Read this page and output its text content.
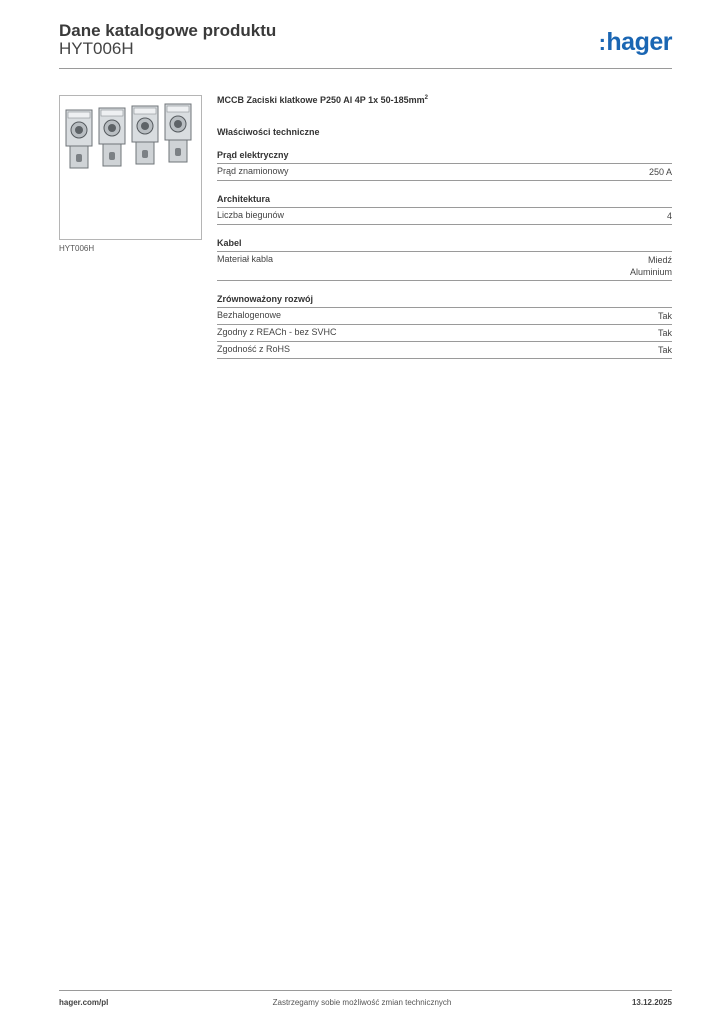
Dane katalogowe produktu
HYT006H	:hager
HYT006H
MCCB Zaciski klatkowe P250 Al 4P 1x $50-185mm^2$
Właściwości techniczne
Prąd elektryczny
Prąd znamionowy	250 A
Architektura
Liczba biegunów	4
Kabel
Materiał kabla	Miedź
Aluminium
Zrównoważony rozwój
Bezhalogenowe	Tak
Zgodny z REACh - bez SVHC	Tak
Zgodność z RoHS	Tak
hager.com/pl	Zastrzegamy sobie możliwość zmian technicznych	13.12.2025
